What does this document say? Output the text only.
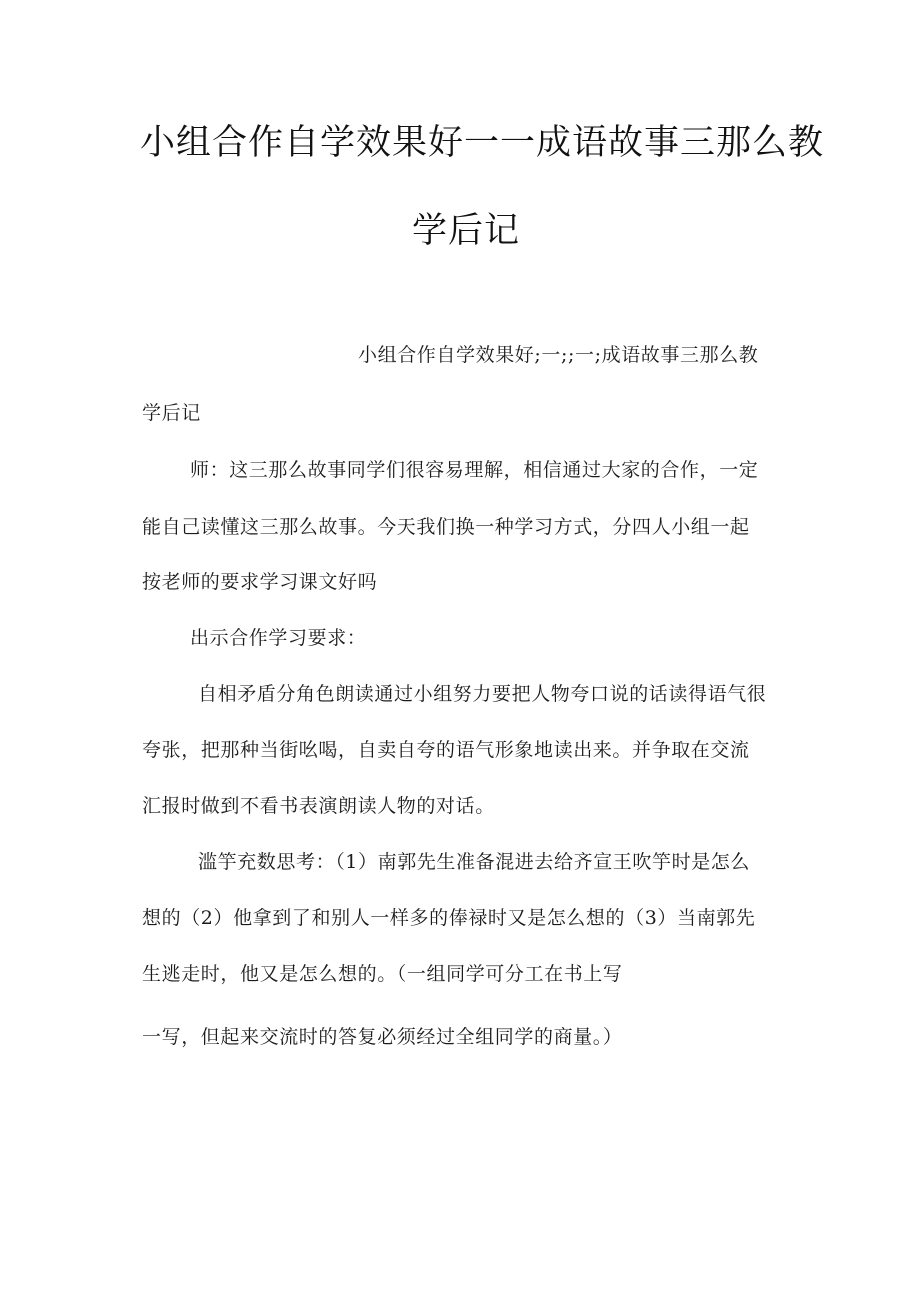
小组合作自学效果好一一成语故事三那么教
学后记
小组合作自学效果好;一;;一;成语故事三那么教
学后记
师：这三那么故事同学们很容易理解，相信通过大家的合作，一定
能自己读懂这三那么故事。今天我们换一种学习方式，分四人小组一起
按老师的要求学习课文好吗
出示合作学习要求：
自相矛盾分角色朗读通过小组努力要把人物夸口说的话读得语气很
夸张，把那种当街吆喝，自卖自夸的语气形象地读出来。并争取在交流
汇报时做到不看书表演朗读人物的对话。
滥竽充数思考：（1）南郭先生准备混进去给齐宣王吹竽时是怎么
想的（2）他拿到了和别人一样多的俸禄时又是怎么想的（3）当南郭先
生逃走时，他又是怎么想的。（一组同学可分工在书上写
一写，但起来交流时的答复必须经过全组同学的商量。）
